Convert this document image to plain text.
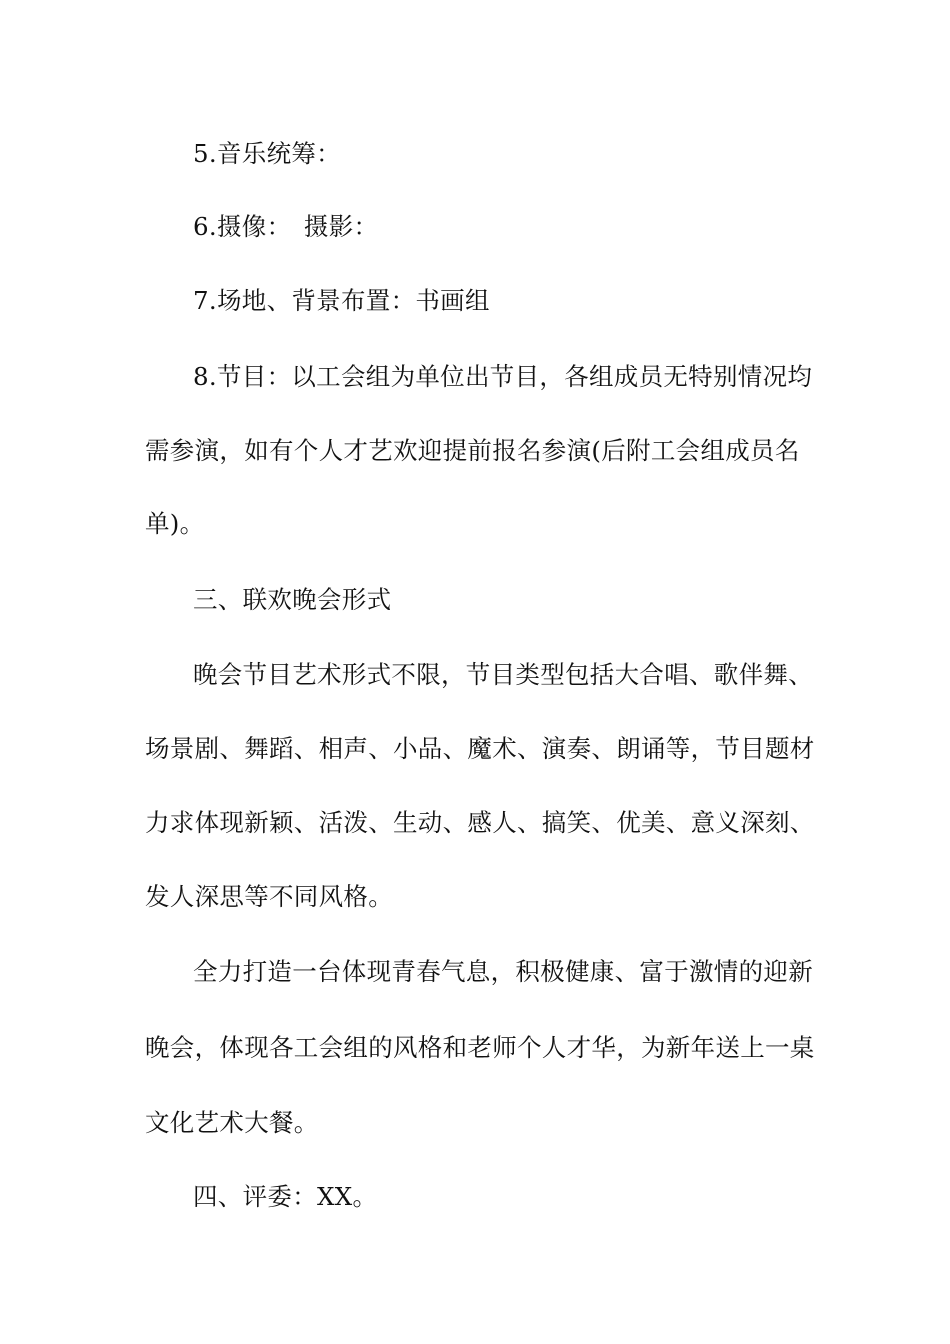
5.音乐统筹：
6.摄像：　摄影：
7.场地、背景布置：书画组
8.节目：以工会组为单位出节目，各组成员无特别情况均
需参演，如有个人才艺欢迎提前报名参演(后附工会组成员名
单)。
三、联欢晚会形式
晚会节目艺术形式不限，节目类型包括大合唱、歌伴舞、
场景剧、舞蹈、相声、小品、魔术、演奏、朗诵等，节目题材
力求体现新颖、活泼、生动、感人、搞笑、优美、意义深刻、
发人深思等不同风格。
全力打造一台体现青春气息，积极健康、富于激情的迎新
晚会，体现各工会组的风格和老师个人才华，为新年送上一桌
文化艺术大餐。
四、评委：XX。
